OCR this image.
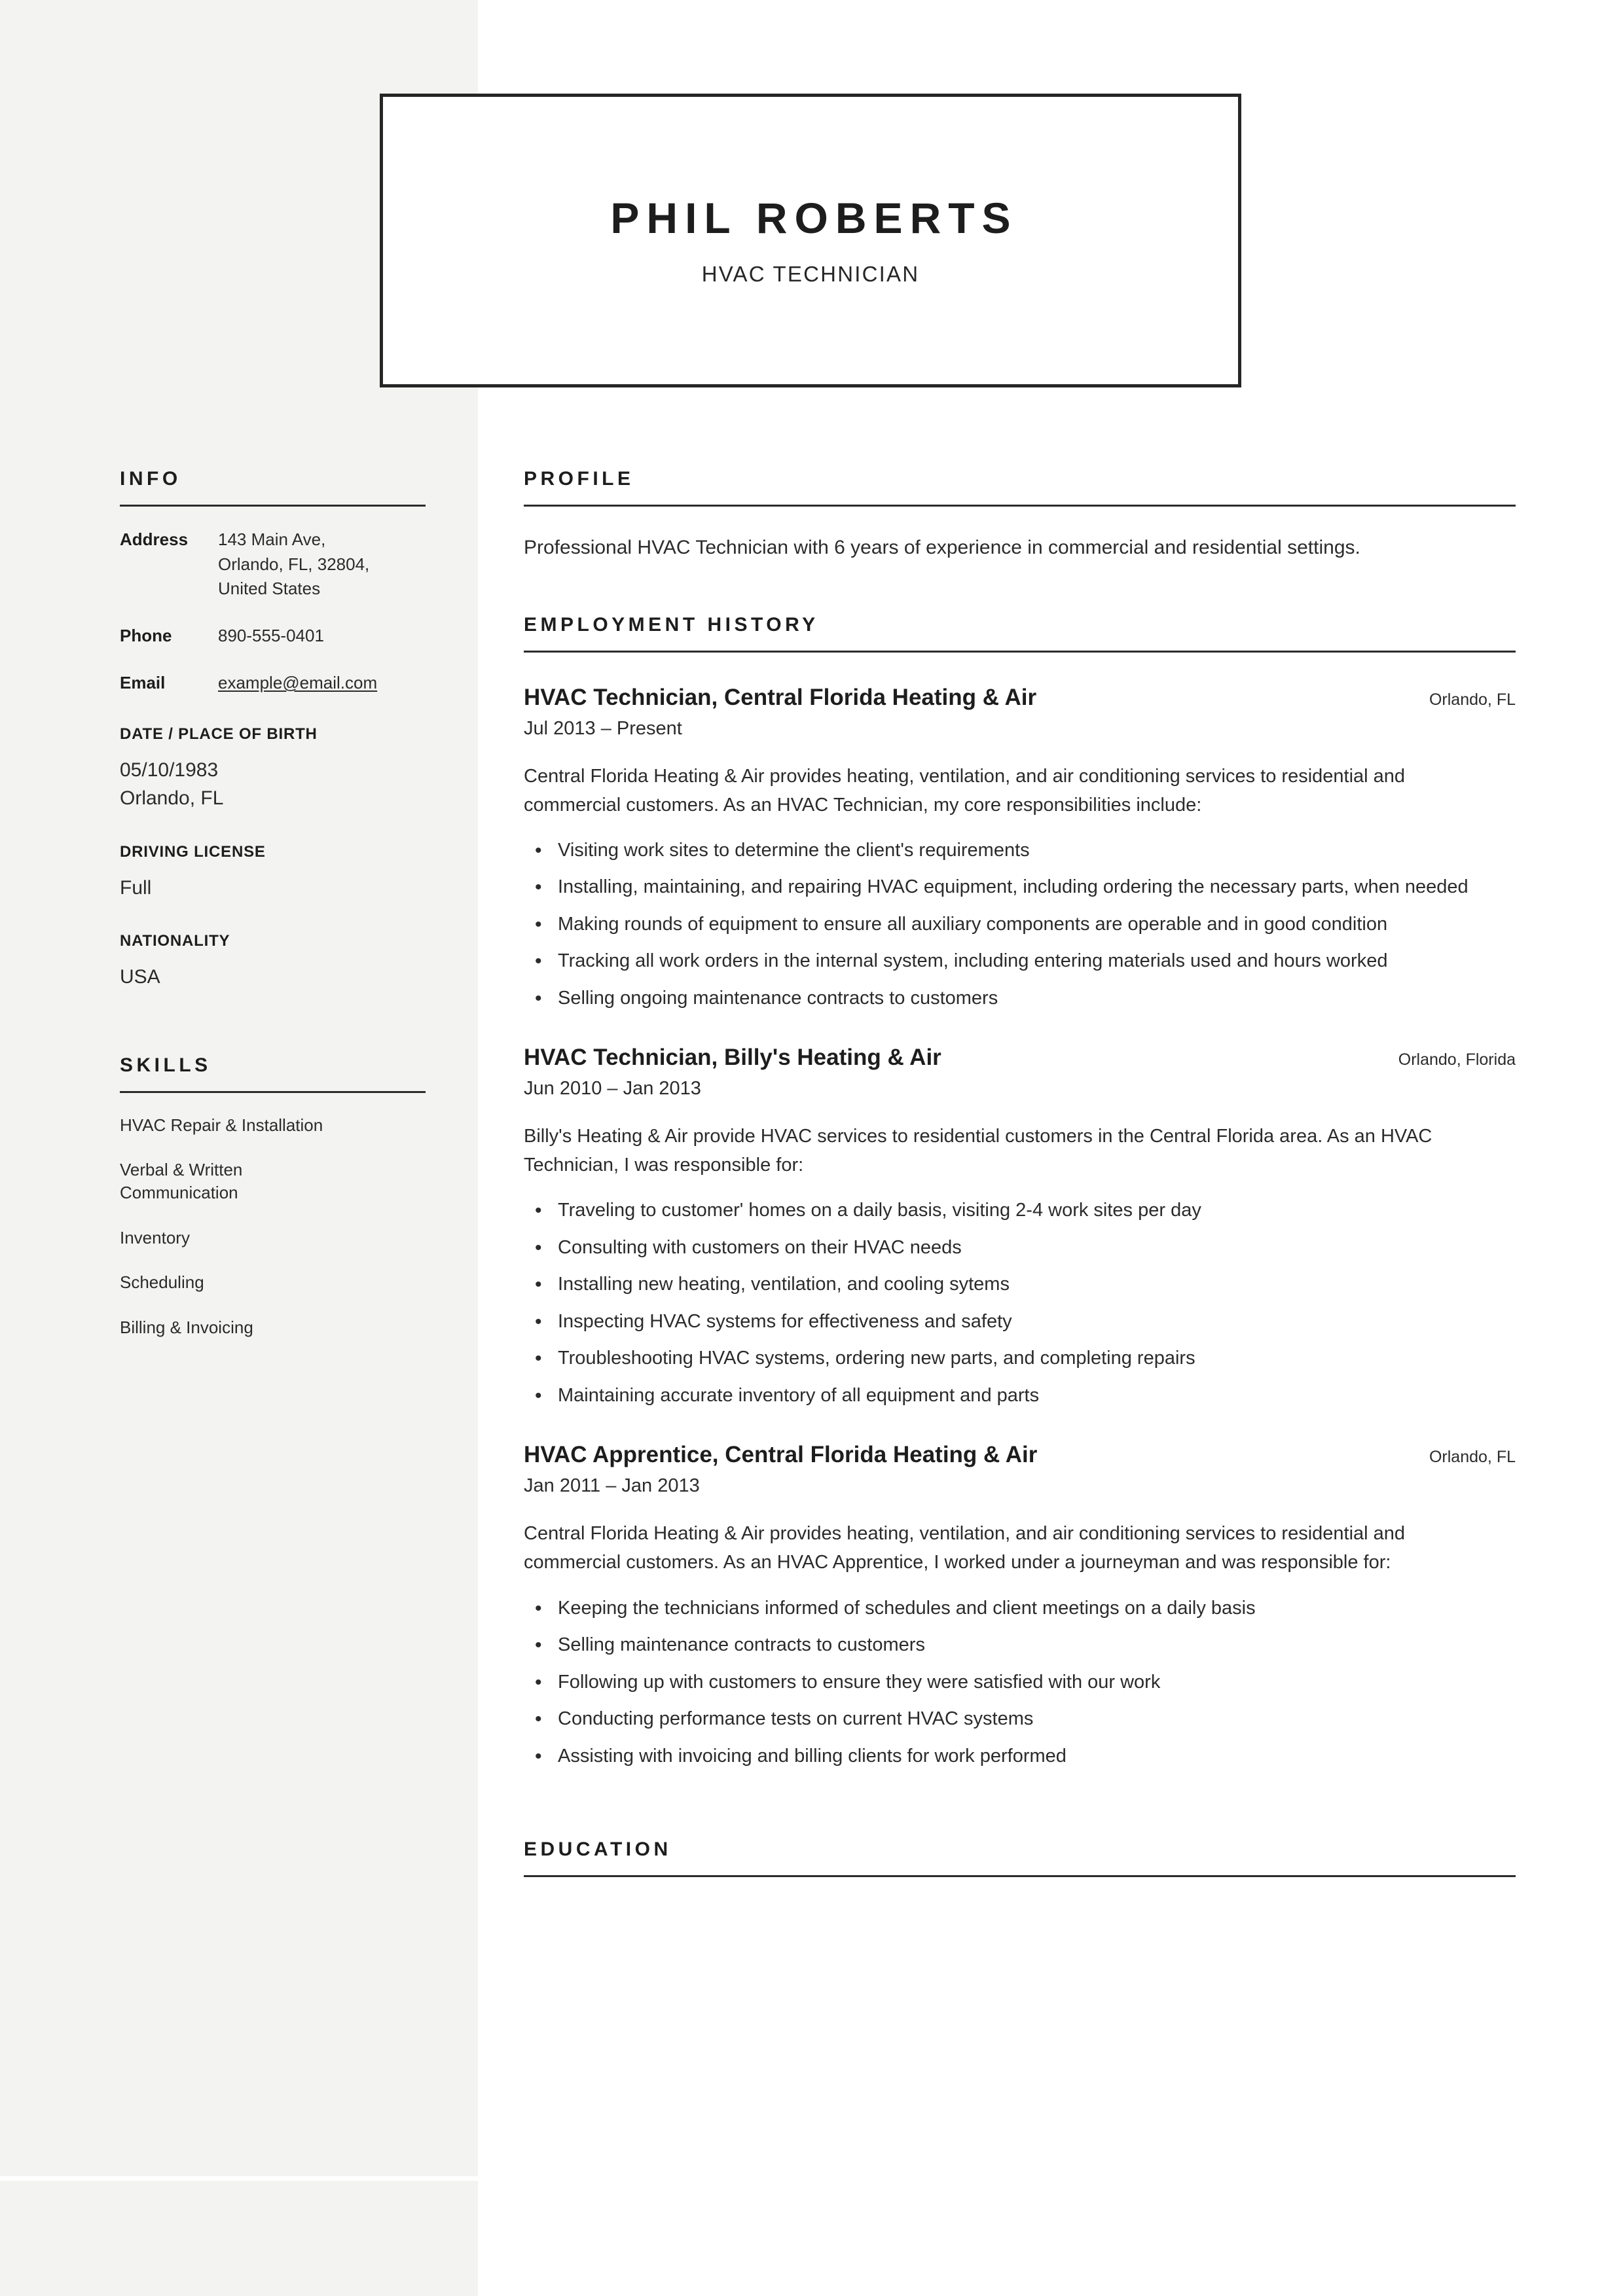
PHIL ROBERTS
HVAC TECHNICIAN
INFO
Address	143 Main Ave,
Orlando, FL, 32804,
United States
Phone	890-555-0401
Email	example@email.com
DATE / PLACE OF BIRTH
05/10/1983
Orlando, FL
DRIVING LICENSE
Full
NATIONALITY
USA
SKILLS
HVAC Repair & Installation
Verbal & Written Communication
Inventory
Scheduling
Billing & Invoicing
PROFILE
Professional HVAC Technician with 6 years of experience in commercial and residential settings.
EMPLOYMENT HISTORY
HVAC Technician, Central Florida Heating & Air	Orlando, FL
Jul 2013 – Present
Central Florida Heating & Air provides heating, ventilation, and air conditioning services to residential and commercial customers. As an HVAC Technician, my core responsibilities include:
• Visiting work sites to determine the client's requirements
• Installing, maintaining, and repairing HVAC equipment, including ordering the necessary parts, when needed
• Making rounds of equipment to ensure all auxiliary components are operable and in good condition
• Tracking all work orders in the internal system, including entering materials used and hours worked
• Selling ongoing maintenance contracts to customers
HVAC Technician, Billy's Heating & Air	Orlando, Florida
Jun 2010 – Jan 2013
Billy's Heating & Air provide HVAC services to residential customers in the Central Florida area. As an HVAC Technician, I was responsible for:
• Traveling to customer' homes on a daily basis, visiting 2-4 work sites per day
• Consulting with customers on their HVAC needs
• Installing new heating, ventilation, and cooling sytems
• Inspecting HVAC systems for effectiveness and safety
• Troubleshooting HVAC systems, ordering new parts, and completing repairs
• Maintaining accurate inventory of all equipment and parts
HVAC Apprentice, Central Florida Heating & Air	Orlando, FL
Jan 2011 – Jan 2013
Central Florida Heating & Air provides heating, ventilation, and air conditioning services to residential and commercial customers. As an HVAC Apprentice, I worked under a journeyman and was responsible for:
• Keeping the technicians informed of schedules and client meetings on a daily basis
• Selling maintenance contracts to customers
• Following up with customers to ensure they were satisfied with our work
• Conducting performance tests on current HVAC systems
• Assisting with invoicing and billing clients for work performed
EDUCATION
